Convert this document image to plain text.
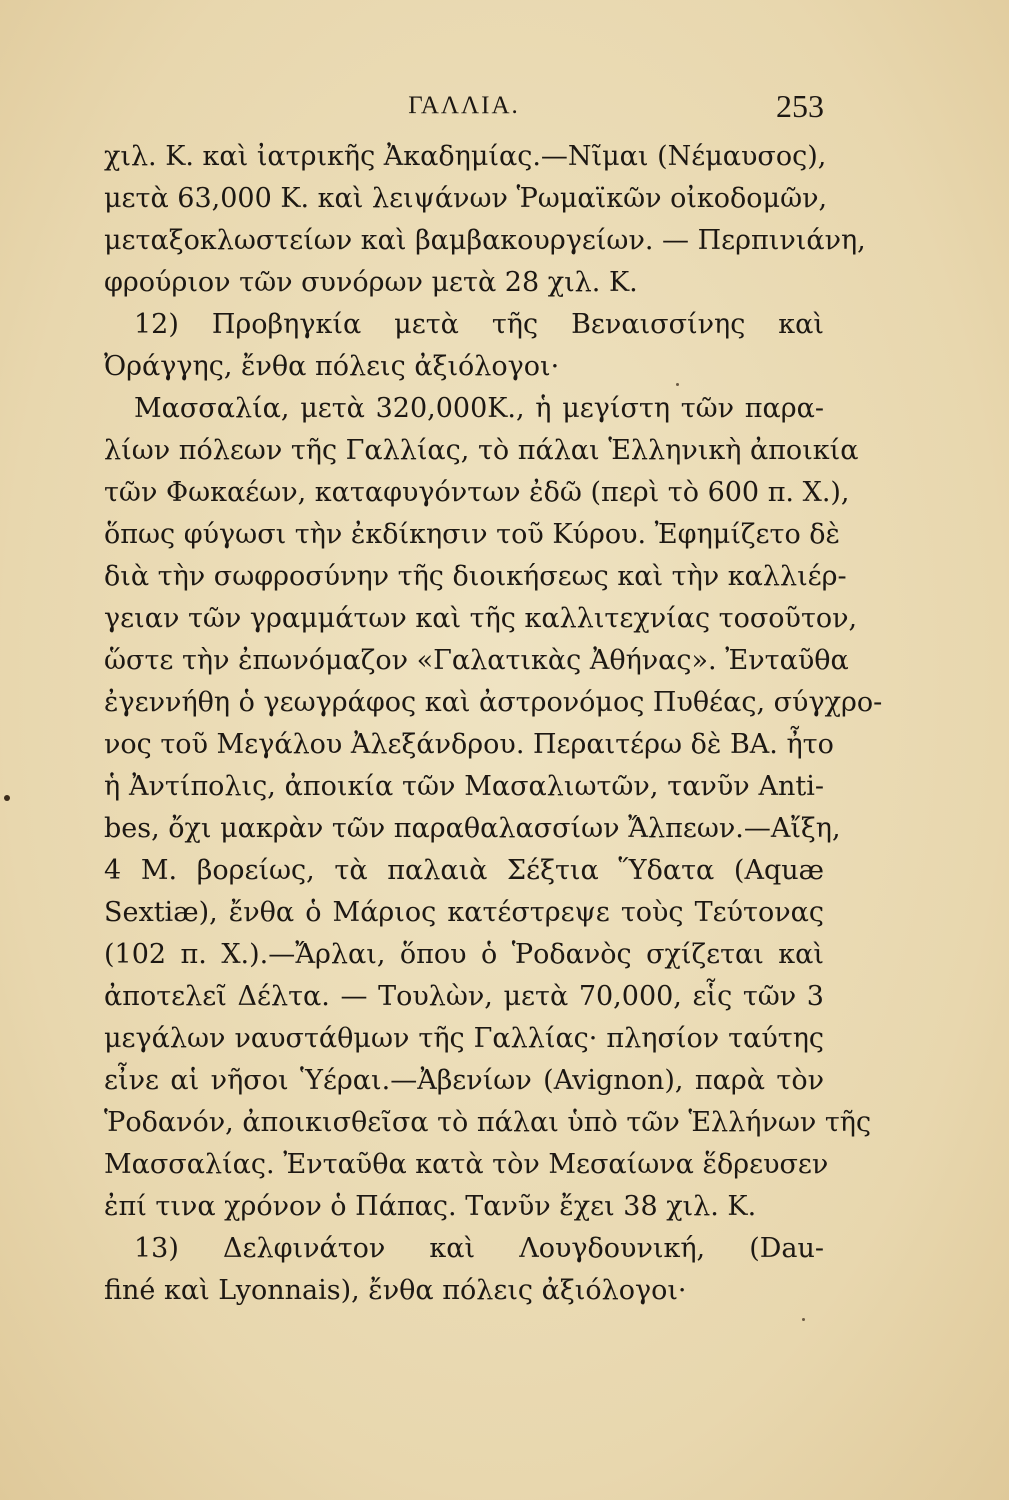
ΓΑΛΛΙΑ.	253
χιλ. Κ. καὶ ἰατρικῆς Ἀκαδημίας.—Νῖμαι (Νέμαυσος),
μετὰ 63,000 Κ. καὶ λειψάνων Ῥωμαϊκῶν οἰκοδομῶν,
μεταξοκλωστείων καὶ βαμβακουργείων. — Περπινιάνη,
φρούριον τῶν συνόρων μετὰ 28 χιλ. Κ.
12) Προβηγκία μετὰ τῆς Βεναισσίνης καὶ
Ὀράγγης, ἔνθα πόλεις ἀξιόλογοι·
Μασσαλία, μετὰ 320,000Κ., ἡ μεγίστη τῶν παρα-
λίων πόλεων τῆς Γαλλίας, τὸ πάλαι Ἑλληνικὴ ἀποικία
τῶν Φωκαέων, καταφυγόντων ἐδῶ (περὶ τὸ 600 π. Χ.),
ὅπως φύγωσι τὴν ἐκδίκησιν τοῦ Κύρου. Ἐφημίζετο δὲ
διὰ τὴν σωφροσύνην τῆς διοικήσεως καὶ τὴν καλλιέρ-
γειαν τῶν γραμμάτων καὶ τῆς καλλιτεχνίας τοσοῦτον,
ὥστε τὴν ἐπωνόμαζον «Γαλατικὰς Ἀθήνας». Ἐνταῦθα
ἐγεννήθη ὁ γεωγράφος καὶ ἀστρονόμος Πυθέας, σύγχρο-
νος τοῦ Μεγάλου Ἀλεξάνδρου. Περαιτέρω δὲ ΒΑ. ἦτο
ἡ Ἀντίπολις, ἀποικία τῶν Μασαλιωτῶν, τανῦν Anti-
bes, ὄχι μακρὰν τῶν παραθαλασσίων Ἄλπεων.—Αἴξη,
4 Μ. βορείως, τὰ παλαιὰ Σέξτια Ὕδατα (Aquæ
Sextiæ), ἔνθα ὁ Μάριος κατέστρεψε τοὺς Τεύτονας
(102 π. Χ.).—Ἄρλαι, ὅπου ὁ Ῥοδανὸς σχίζεται καὶ
ἀποτελεῖ Δέλτα. — Τουλὼν, μετὰ 70,000, εἷς τῶν 3
μεγάλων ναυστάθμων τῆς Γαλλίας· πλησίον ταύτης
εἶνε αἱ νῆσοι Ὑέραι.—Ἀβενίων (Avignon), παρὰ τὸν
Ῥοδανόν, ἀποικισθεῖσα τὸ πάλαι ὑπὸ τῶν Ἑλλήνων τῆς
Μασσαλίας. Ἐνταῦθα κατὰ τὸν Μεσαίωνα ἕδρευσεν
ἐπί τινα χρόνον ὁ Πάπας. Τανῦν ἔχει 38 χιλ. Κ.
13) Δελφινάτον καὶ Λουγδουνική, (Dau-
finé καὶ Lyonnais), ἔνθα πόλεις ἀξιόλογοι·
